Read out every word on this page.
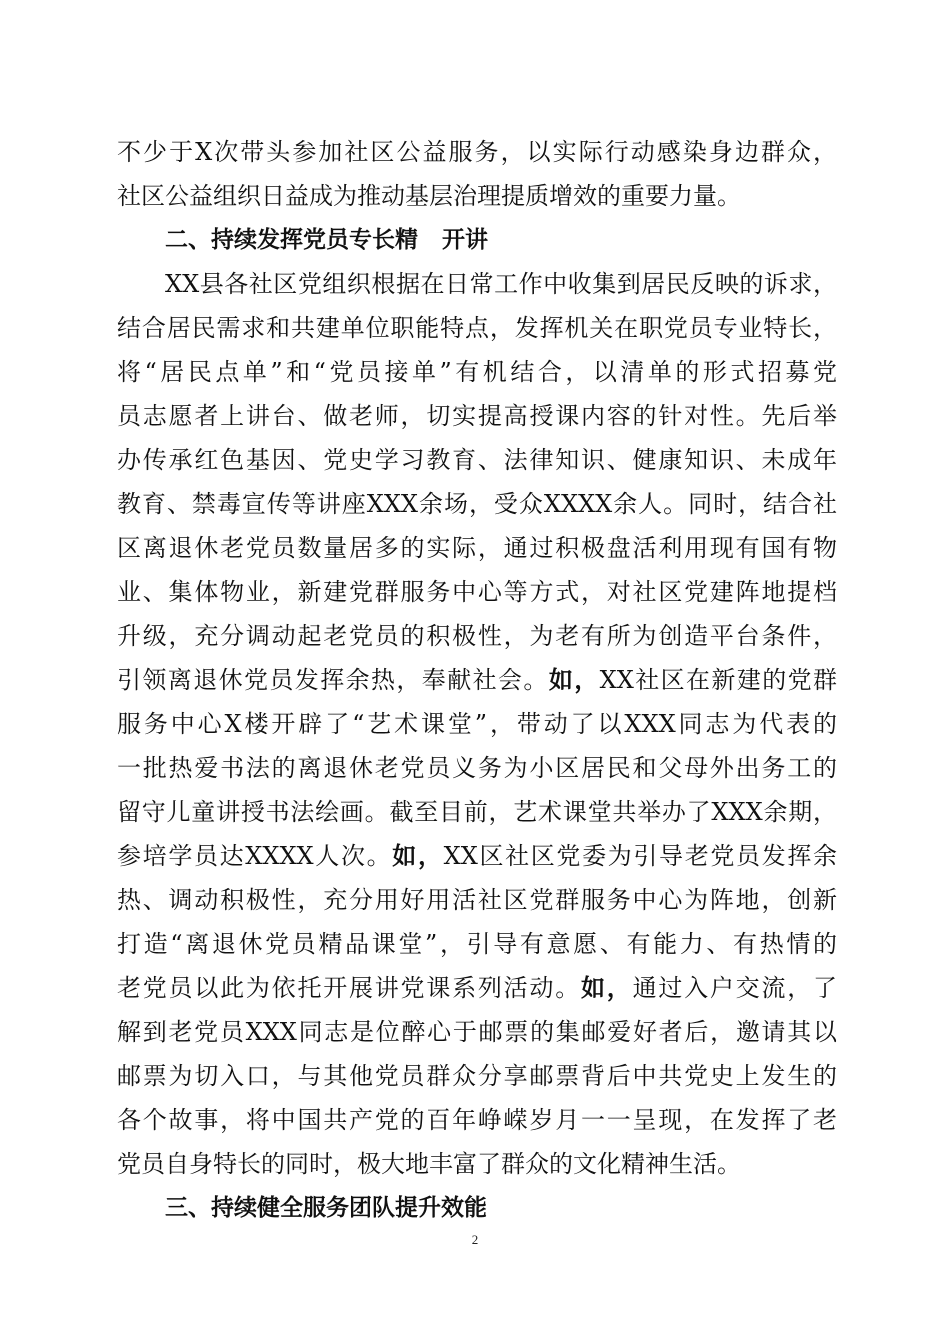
不少于X次带头参加社区公益服务，以实际行动感染身边群众，
社区公益组织日益成为推动基层治理提质增效的重要力量。
二、持续发挥党员专长精 开讲
XX县各社区党组织根据在日常工作中收集到居民反映的诉求，
结合居民需求和共建单位职能特点，发挥机关在职党员专业特长，
将“居民点单”和“党员接单”有机结合，以清单的形式招募党
员志愿者上讲台、做老师，切实提高授课内容的针对性。先后举
办传承红色基因、党史学习教育、法律知识、健康知识、未成年
教育、禁毒宣传等讲座XXX余场，受众XXXX余人。同时，结合社
区离退休老党员数量居多的实际，通过积极盘活利用现有国有物
业、集体物业，新建党群服务中心等方式，对社区党建阵地提档
升级，充分调动起老党员的积极性，为老有所为创造平台条件，
引领离退休党员发挥余热，奉献社会。如，XX社区在新建的党群
服务中心X楼开辟了“艺术课堂”，带动了以XXX同志为代表的
一批热爱书法的离退休老党员义务为小区居民和父母外出务工的
留守儿童讲授书法绘画。截至目前，艺术课堂共举办了XXX余期，
参培学员达XXXX人次。如，XX区社区党委为引导老党员发挥余
热、调动积极性，充分用好用活社区党群服务中心为阵地，创新
打造“离退休党员精品课堂”，引导有意愿、有能力、有热情的
老党员以此为依托开展讲党课系列活动。如，通过入户交流，了
解到老党员XXX同志是位醉心于邮票的集邮爱好者后，邀请其以
邮票为切入口，与其他党员群众分享邮票背后中共党史上发生的
各个故事，将中国共产党的百年峥嵘岁月一一呈现，在发挥了老
党员自身特长的同时，极大地丰富了群众的文化精神生活。
三、持续健全服务团队提升效能
2
